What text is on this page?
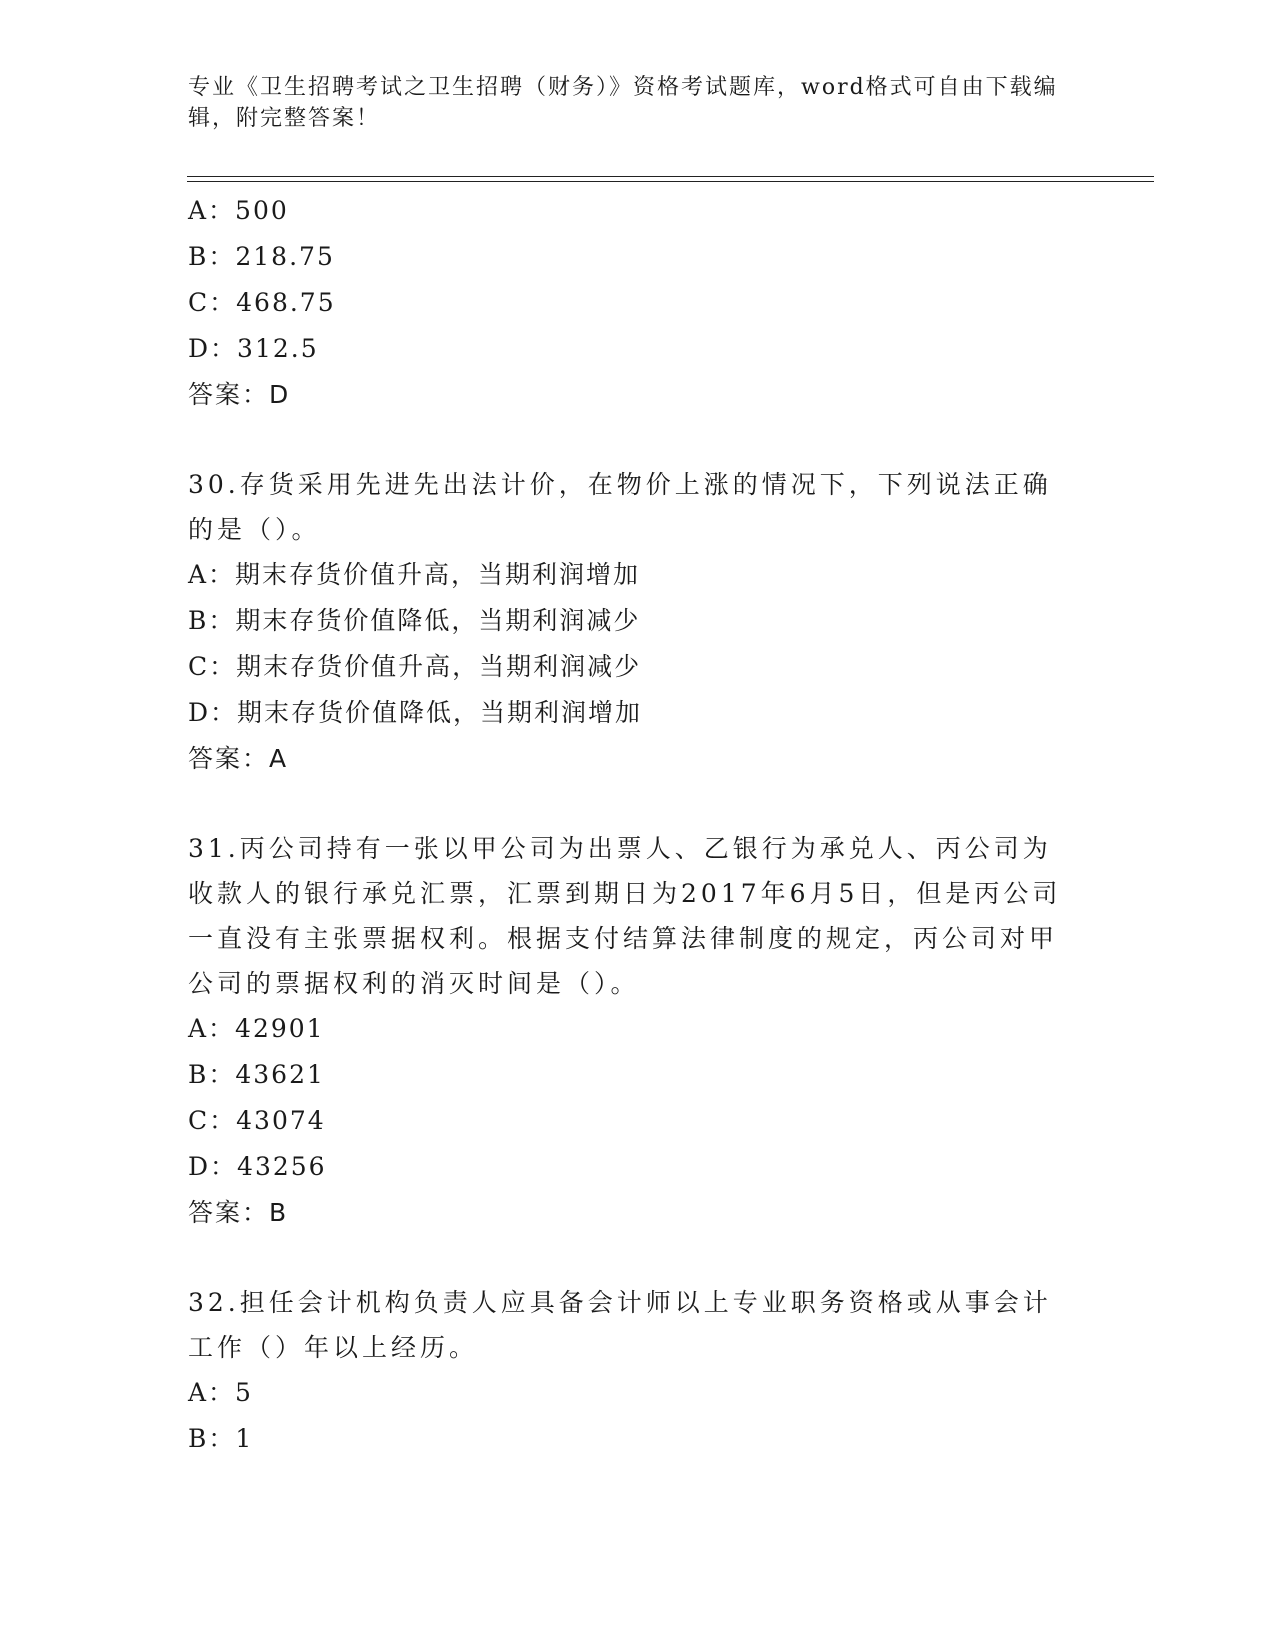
专业《卫生招聘考试之卫生招聘（财务）》资格考试题库，word格式可自由下载编辑，附完整答案！
A：500
B：218.75
C：468.75
D：312.5
答案：D
30.存货采用先进先出法计价，在物价上涨的情况下，下列说法正确的是（）。
A：期末存货价值升高，当期利润增加
B：期末存货价值降低，当期利润减少
C：期末存货价值升高，当期利润减少
D：期末存货价值降低，当期利润增加
答案：A
31.丙公司持有一张以甲公司为出票人、乙银行为承兑人、丙公司为收款人的银行承兑汇票，汇票到期日为2017年6月5日，但是丙公司一直没有主张票据权利。根据支付结算法律制度的规定，丙公司对甲公司的票据权利的消灭时间是（）。
A：42901
B：43621
C：43074
D：43256
答案：B
32.担任会计机构负责人应具备会计师以上专业职务资格或从事会计工作（）年以上经历。
A：5
B：1
